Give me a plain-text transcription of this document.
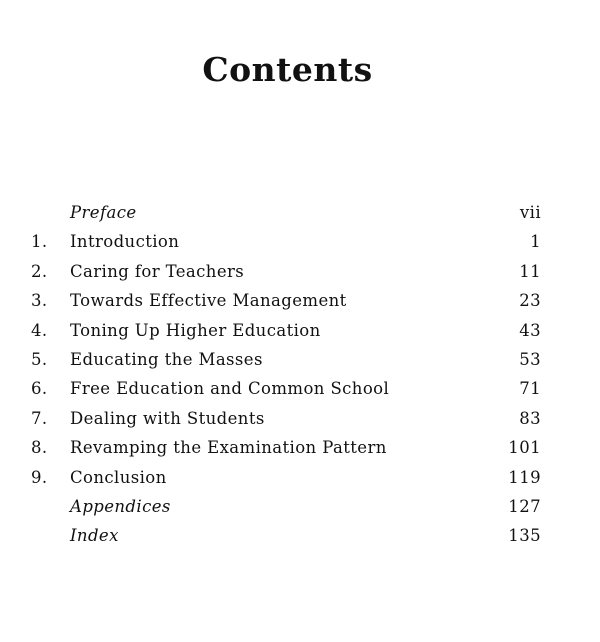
Contents
Preface	vii
1. Introduction	1
2. Caring for Teachers	11
3. Towards Effective Management	23
4. Toning Up Higher Education	43
5. Educating the Masses	53
6. Free Education and Common School	71
7. Dealing with Students	83
8. Revamping the Examination Pattern	101
9. Conclusion	119
Appendices	127
Index	135
